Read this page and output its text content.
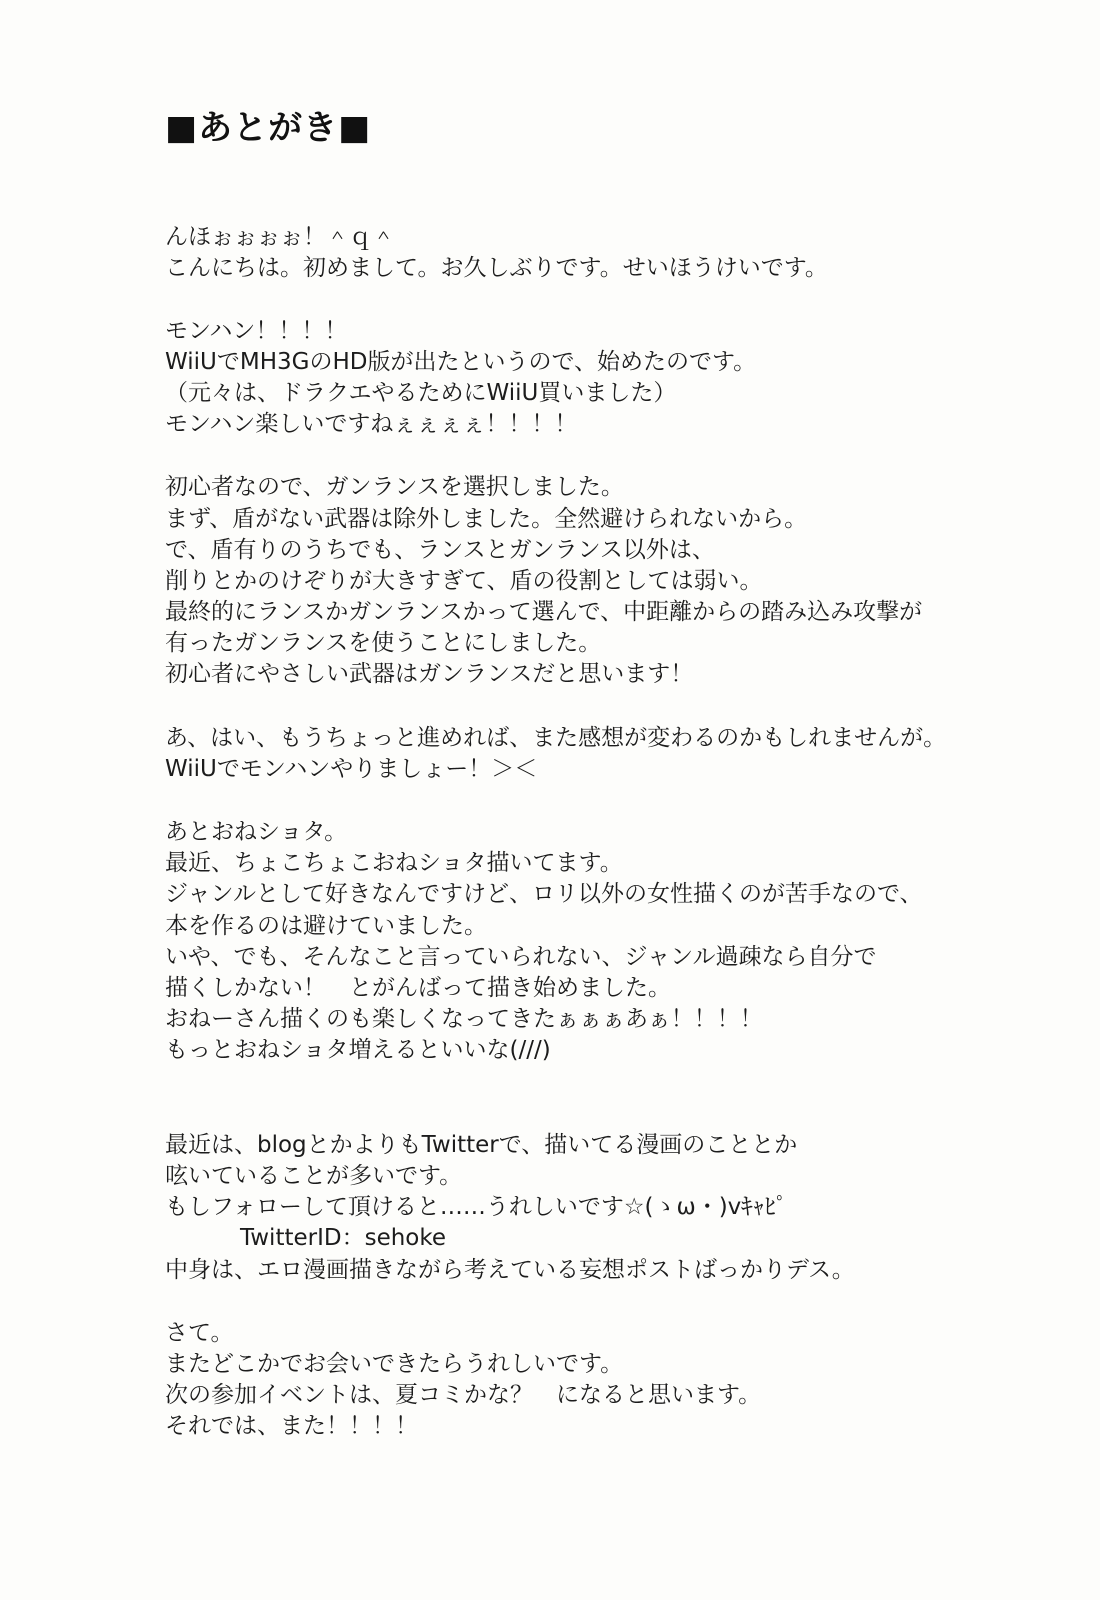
■あとがき■
んほぉぉぉぉ！＾ｑ＾
こんにちは。初めまして。お久しぶりです。せいほうけいです。
モンハン！！！！
WiiUでMH3GのHD版が出たというので、始めたのです。
（元々は、ドラクエやるためにWiiU買いました）
モンハン楽しいですねぇぇぇぇ！！！！
初心者なので、ガンランスを選択しました。
まず、盾がない武器は除外しました。全然避けられないから。
で、盾有りのうちでも、ランスとガンランス以外は、
削りとかのけぞりが大きすぎて、盾の役割としては弱い。
最終的にランスかガンランスかって選んで、中距離からの踏み込み攻撃が
有ったガンランスを使うことにしました。
初心者にやさしい武器はガンランスだと思います！
あ、はい、もうちょっと進めれば、また感想が変わるのかもしれませんが。
WiiUでモンハンやりましょー！＞＜
あとおねショタ。
最近、ちょこちょこおねショタ描いてます。
ジャンルとして好きなんですけど、ロリ以外の女性描くのが苦手なので、
本を作るのは避けていました。
いや、でも、そんなこと言っていられない、ジャンル過疎なら自分で
描くしかない！　とがんばって描き始めました。
おねーさん描くのも楽しくなってきたぁぁぁあぁ！！！！
もっとおねショタ増えるといいな(///)
最近は、blogとかよりもTwitterで、描いてる漫画のこととか
呟いていることが多いです。
もしフォローして頂けると……うれしいです☆(ゝω・)vｷｬﾋﾟ
TwitterID：sehoke
中身は、エロ漫画描きながら考えている妄想ポストばっかりデス。
さて。
またどこかでお会いできたらうれしいです。
次の参加イベントは、夏コミかな？　になると思います。
それでは、また！！！！
